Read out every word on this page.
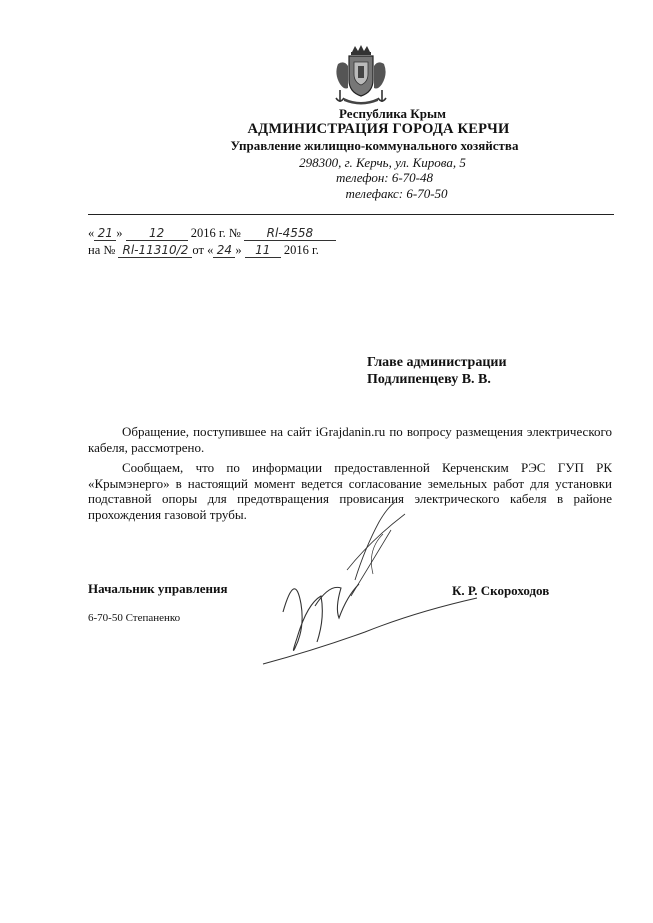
Республика Крым
АДМИНИСТРАЦИЯ ГОРОДА КЕРЧИ
Управление жилищно-коммунального хозяйства
298300, г. Керчь, ул. Кирова, 5
телефон: 6-70-48
телефакс: 6-70-50
« 21 » 12 2016 г. № Rl-4558
на № Rl-11310/2 от « 24 » 11 2016 г.
Главе администрации
Подлипенцеву В. В.
Обращение, поступившее на сайт iGrajdanin.ru по вопросу размещения электрического кабеля, рассмотрено.
Сообщаем, что по информации предоставленной Керченским РЭС ГУП РК «Крымэнерго» в настоящий момент ведется согласование земельных работ для установки подставной опоры для предотвращения провисания электрического кабеля в районе прохождения газовой трубы.
Начальник управления	К. Р. Скороходов
6-70-50 Степаненко
